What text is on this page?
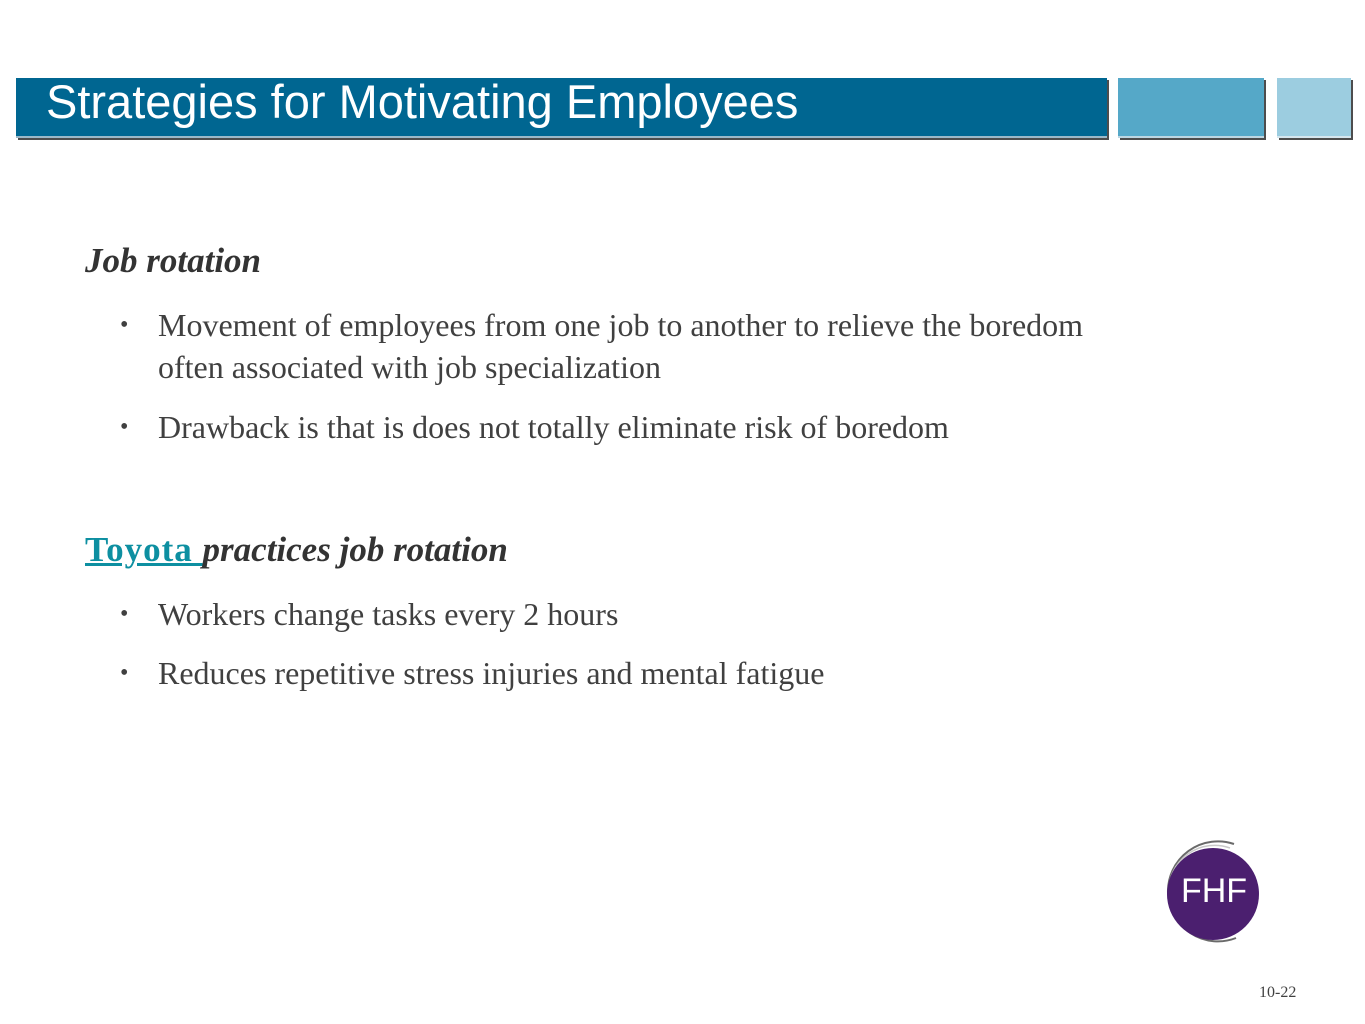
Strategies for Motivating Employees
Job rotation
• Movement of employees from one job to another to relieve the boredom often associated with job specialization
• Drawback is that is does not totally eliminate risk of boredom
Toyota practices job rotation
• Workers change tasks every 2 hours
• Reduces repetitive stress injuries and mental fatigue
FHF
10-22
